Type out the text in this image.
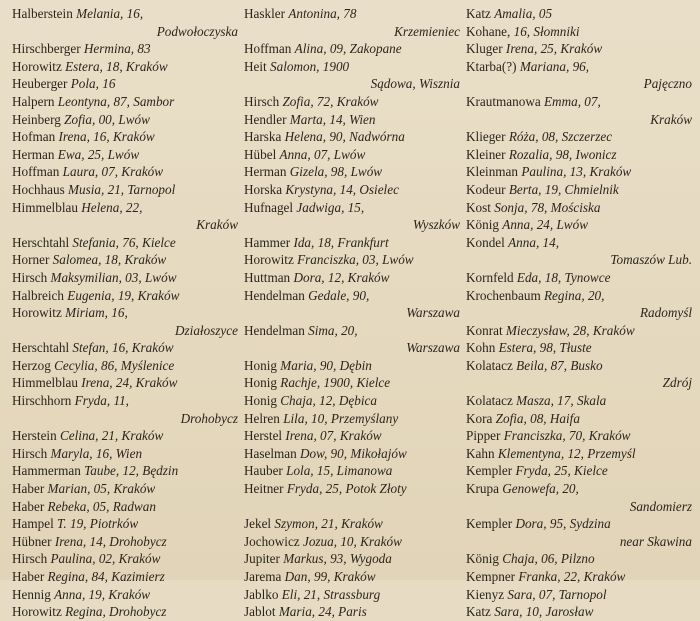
Halberstein Melania, 16,
Podwołoczyska
Hirschberger Hermina, 83
Horowitz Estera, 18, Kraków
Heuberger Pola, 16
Halpern Leontyna, 87, Sambor
Heinberg Zofia, 00, Lwów
Hofman Irena, 16, Kraków
Herman Ewa, 25, Lwów
Hoffman Laura, 07, Kraków
Hochhaus Musia, 21, Tarnopol
Himmelblau Helena, 22,
Kraków
Herschtahl Stefania, 76, Kielce
Horner Salomea, 18, Kraków
Hirsch Maksymilian, 03, Lwów
Halbreich Eugenia, 19, Kraków
Horowitz Miriam, 16,
Działoszyce
Herschtahl Stefan, 16, Kraków
Herzog Cecylia, 86, Myślenice
Himmelblau Irena, 24, Kraków
Hirschhorn Fryda, 11,
Drohobycz
Herstein Celina, 21, Kraków
Hirsch Maryla, 16, Wien
Hammerman Taube, 12, Będzin
Haber Marian, 05, Kraków
Haber Rebeka, 05, Radwan
Hampel T. 19, Piotrków
Hübner Irena, 14, Drohobycz
Hirsch Paulina, 02, Kraków
Haber Regina, 84, Kazimierz
Hennig Anna, 19, Kraków
Horowitz Regina, Drohobycz
Haskler Antonina, 78
Krzemieniec
Hoffman Alina, 09, Zakopane
Heit Salomon, 1900
Sądowa, Wisznia
Hirsch Zofia, 72, Kraków
Hendler Marta, 14, Wien
Harska Helena, 90, Nadwórna
Hübel Anna, 07, Lwów
Herman Gizela, 98, Lwów
Horska Krystyna, 14, Osielec
Hufnagel Jadwiga, 15,
Wyszków
Hammer Ida, 18, Frankfurt
Horowitz Franciszka, 03, Lwów
Huttman Dora, 12, Kraków
Hendelman Gedale, 90,
Warszawa
Hendelman Sima, 20,
Warszawa
Honig Maria, 90, Dębin
Honig Rachje, 1900, Kielce
Honig Chaja, 12, Dębica
Helren Lila, 10, Przemyślany
Herstel Irena, 07, Kraków
Haselman Dow, 90, Mikołajów
Hauber Lola, 15, Limanowa
Heitner Fryda, 25, Potok Złoty
Jekel Szymon, 21, Kraków
Jochowicz Jozua, 10, Kraków
Jupiter Markus, 93, Wygoda
Jarema Dan, 99, Kraków
Jablko Eli, 21, Strassburg
Jablot Maria, 24, Paris
Katz Amalia, 05
Kohane, 16, Słomniki
Kluger Irena, 25, Kraków
Ktarba(?) Mariana, 96,
Pajęczno
Krautmanowa Emma, 07,
Kraków
Klieger Róża, 08, Szczerzec
Kleiner Rozalia, 98, Iwonicz
Kleinman Paulina, 13, Kraków
Kodeur Berta, 19, Chmielnik
Kost Sonja, 78, Mościska
König Anna, 24, Lwów
Kondel Anna, 14,
Tomaszów Lub.
Kornfeld Eda, 18, Tynowce
Krochenbaum Regina, 20,
Radomyśl
Konrat Mieczysław, 28, Kraków
Kohn Estera, 98, Tłuste
Kolatacz Beila, 87, Busko
Zdrój
Kolatacz Masza, 17, Skala
Kora Zofia, 08, Haifa
Pipper Franciszka, 70, Kraków
Kahn Klementyna, 12, Przemyśl
Kempler Fryda, 25, Kielce
Krupa Genowefa, 20,
Sandomierz
Kempler Dora, 95, Sydzina
near Skawina
König Chaja, 06, Pilzno
Kempner Franka, 22, Kraków
Kienyz Sara, 07, Tarnopol
Katz Sara, 10, Jarosław
